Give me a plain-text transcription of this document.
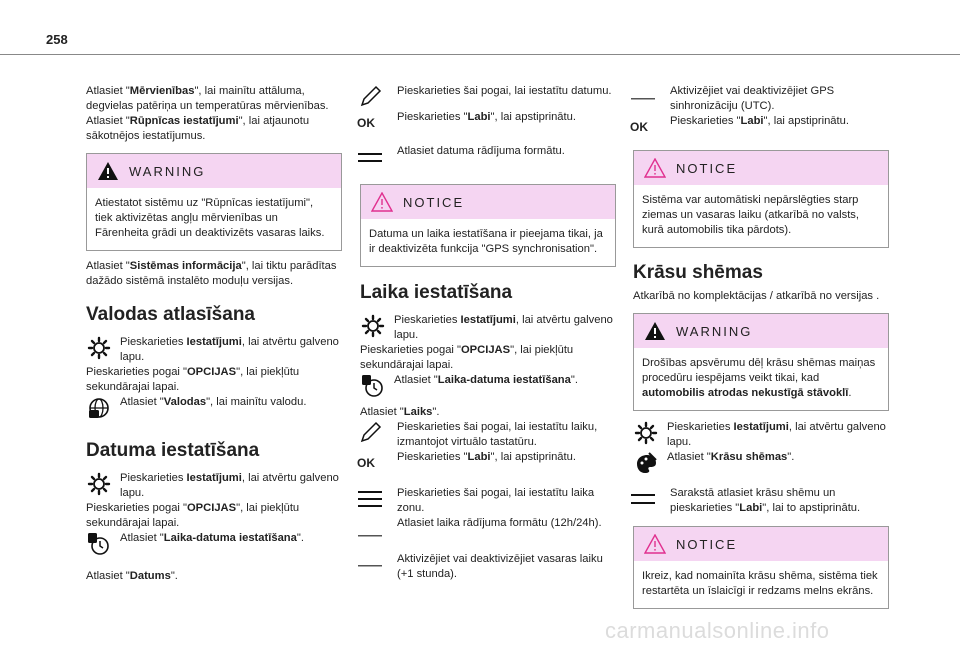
258

Atlasiet "Mērvienības", lai mainītu attāluma, degvielas patēriņa un temperatūras mērvienības.

Atlasiet "Rūpnīcas iestatījumi", lai atjaunotu sākotnējos iestatījumus.

WARNING
Atiestatot sistēmu uz "Rūpnīcas iestatījumi", tiek aktivizētas angļu mērvienības un Fārenheita grādi un deaktivizēts vasaras laiks.

Atlasiet "Sistēmas informācija", lai tiktu parādītas dažādo sistēmā instalēto moduļu versijas.

Valodas atlasīšana
Pieskarieties Iestatījumi, lai atvērtu galveno lapu.

Pieskarieties pogai "OPCIJAS", lai piekļūtu sekundārajai lapai.

Atlasiet "Valodas", lai mainītu valodu.
Datuma iestatīšana
Pieskarieties Iestatījumi, lai atvērtu galveno lapu.

Pieskarieties pogai "OPCIJAS", lai piekļūtu sekundārajai lapai.

Atlasiet "Laika-datuma iestatīšana".

Atlasiet "Datums".

Pieskarieties šai pogai, lai iestatītu datumu.
OK	Pieskarieties "Labi", lai apstiprinātu.
Atlasiet datuma rādījuma formātu.
NOTICE
Datuma un laika iestatīšana ir pieejama tikai, ja ir deaktivizēta funkcija "GPS synchronisation".
Laika iestatīšana
Pieskarieties Iestatījumi, lai atvērtu galveno lapu.

Pieskarieties pogai "OPCIJAS", lai piekļūtu sekundārajai lapai.

Atlasiet "Laika-datuma iestatīšana".

Atlasiet "Laiks".

Pieskarieties šai pogai, lai iestatītu laiku, izmantojot virtuālo tastatūru.
OK	Pieskarieties "Labi", lai apstiprinātu.
Pieskarieties šai pogai, lai iestatītu laika zonu.
Atlasiet laika rādījuma formātu (12h/24h).
Aktivizējiet vai deaktivizējiet vasaras laiku (+1 stunda).
Aktivizējiet vai deaktivizējiet GPS sinhronizāciju (UTC).
OK	Pieskarieties "Labi", lai apstiprinātu.
NOTICE
Sistēma var automātiski nepārslēgties starp ziemas un vasaras laiku (atkarībā no valsts, kurā automobilis tika pārdots).
Krāsu shēmas

Atkarībā no komplektācijas / atkarībā no versijas .

WARNING
Drošības apsvērumu dēļ krāsu shēmas maiņas procedūru iespējams veikt tikai, kad automobilis atrodas nekustīgā stāvoklī.
Pieskarieties Iestatījumi, lai atvērtu galveno lapu.
Atlasiet "Krāsu shēmas".
Sarakstā atlasiet krāsu shēmu un pieskarieties "Labi", lai to apstiprinātu.
NOTICE
Ikreiz, kad nomainīta krāsu shēma, sistēma tiek restartēta un īslaicīgi ir redzams melns ekrāns.
carmanualsonline.info
